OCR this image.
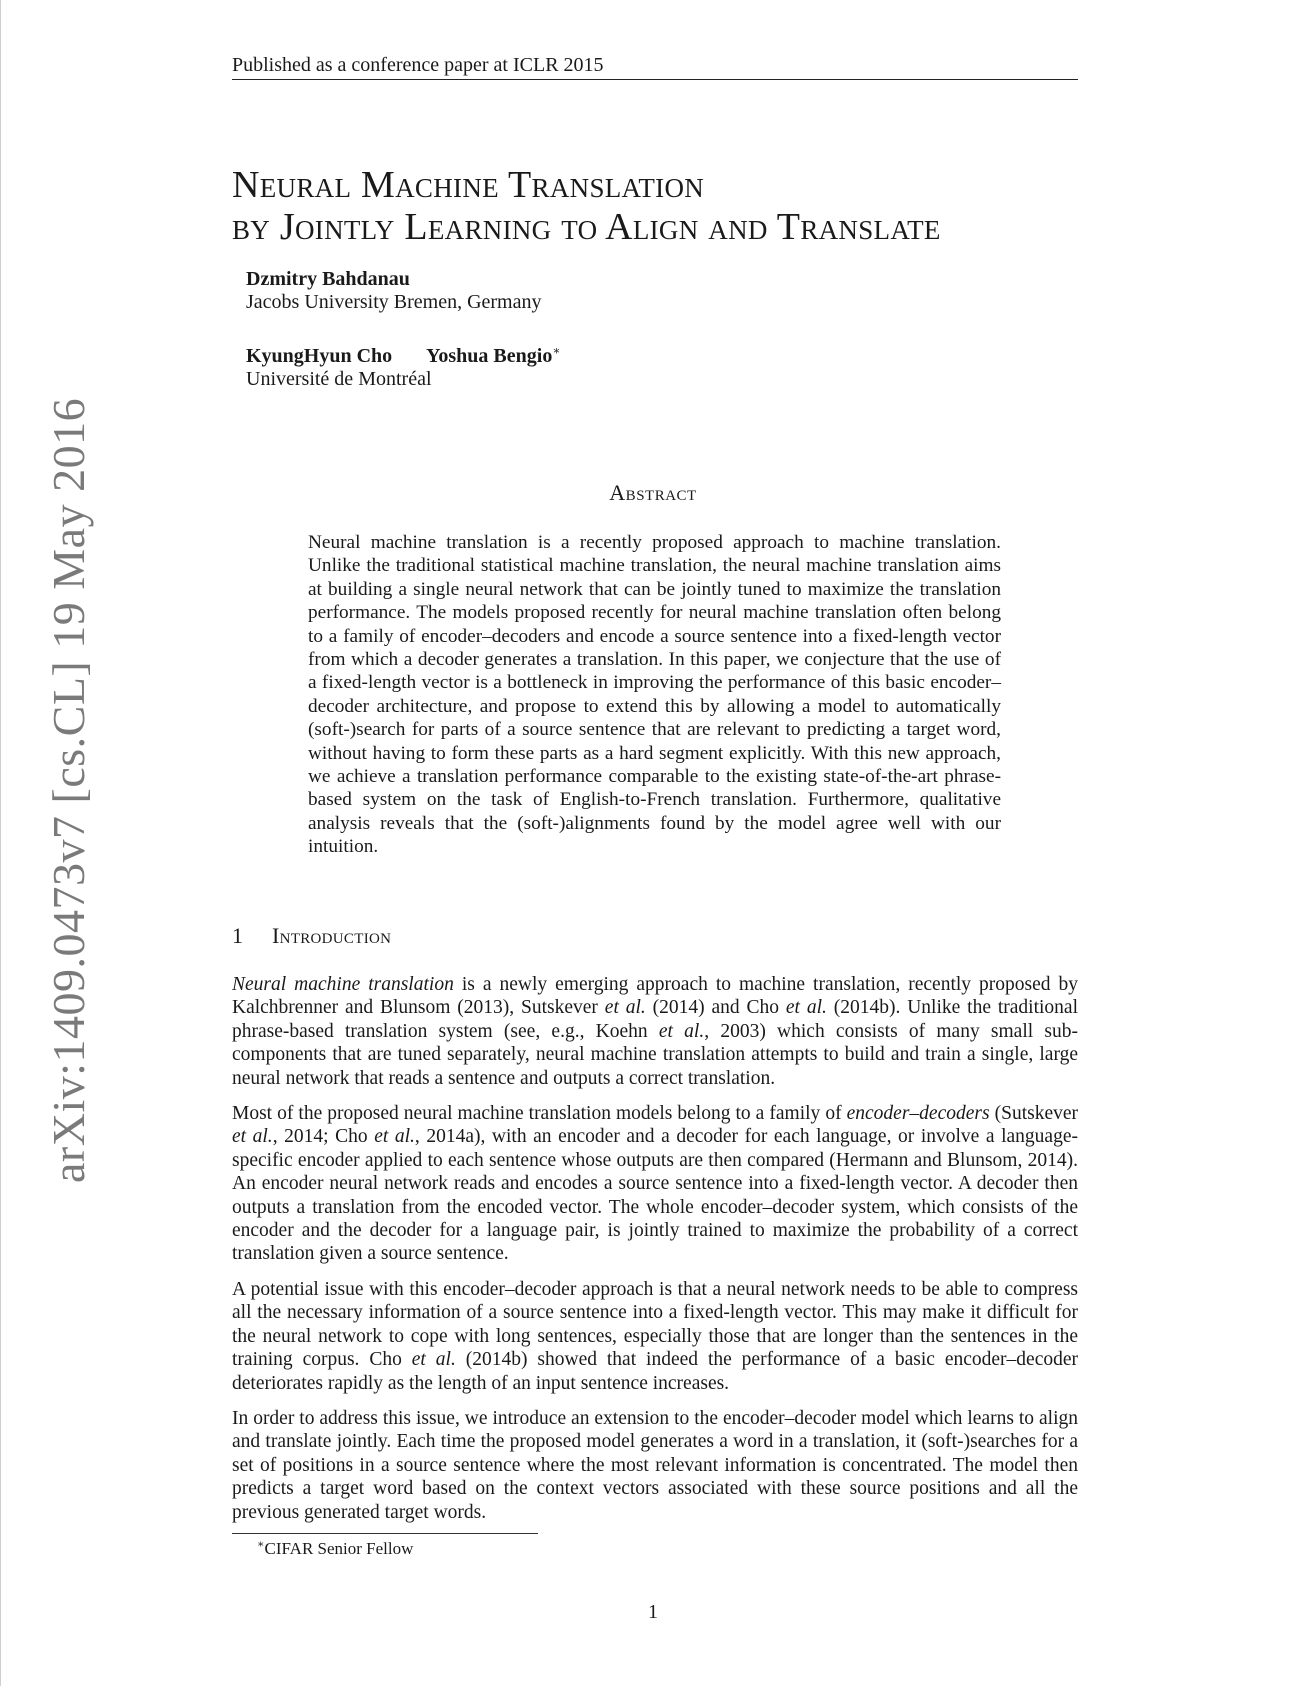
Published as a conference paper at ICLR 2015
Neural Machine Translation
by Jointly Learning to Align and Translate
Dzmitry Bahdanau
Jacobs University Bremen, Germany
KyungHyun Cho Yoshua Bengio∗
Université de Montréal
Abstract
Neural machine translation is a recently proposed approach to machine translation. Unlike the traditional statistical machine translation, the neural machine translation aims at building a single neural network that can be jointly tuned to maximize the translation performance. The models proposed recently for neural machine translation often belong to a family of encoder–decoders and encode a source sentence into a fixed-length vector from which a decoder generates a translation. In this paper, we conjecture that the use of a fixed-length vector is a bottleneck in improving the performance of this basic encoder–decoder architecture, and propose to extend this by allowing a model to automatically (soft-)search for parts of a source sentence that are relevant to predicting a target word, without having to form these parts as a hard segment explicitly. With this new approach, we achieve a translation performance comparable to the existing state-of-the-art phrase-based system on the task of English-to-French translation. Furthermore, qualitative analysis reveals that the (soft-)alignments found by the model agree well with our intuition.
1 Introduction

Neural machine translation is a newly emerging approach to machine translation, recently proposed by Kalchbrenner and Blunsom (2013), Sutskever et al. (2014) and Cho et al. (2014b). Unlike the traditional phrase-based translation system (see, e.g., Koehn et al., 2003) which consists of many small sub-components that are tuned separately, neural machine translation attempts to build and train a single, large neural network that reads a sentence and outputs a correct translation.

Most of the proposed neural machine translation models belong to a family of encoder–decoders (Sutskever et al., 2014; Cho et al., 2014a), with an encoder and a decoder for each language, or involve a language-specific encoder applied to each sentence whose outputs are then compared (Hermann and Blunsom, 2014). An encoder neural network reads and encodes a source sentence into a fixed-length vector. A decoder then outputs a translation from the encoded vector. The whole encoder–decoder system, which consists of the encoder and the decoder for a language pair, is jointly trained to maximize the probability of a correct translation given a source sentence.

A potential issue with this encoder–decoder approach is that a neural network needs to be able to compress all the necessary information of a source sentence into a fixed-length vector. This may make it difficult for the neural network to cope with long sentences, especially those that are longer than the sentences in the training corpus. Cho et al. (2014b) showed that indeed the performance of a basic encoder–decoder deteriorates rapidly as the length of an input sentence increases.

In order to address this issue, we introduce an extension to the encoder–decoder model which learns to align and translate jointly. Each time the proposed model generates a word in a translation, it (soft-)searches for a set of positions in a source sentence where the most relevant information is concentrated. The model then predicts a target word based on the context vectors associated with these source positions and all the previous generated target words.

∗CIFAR Senior Fellow
1
arXiv:1409.0473v7 [cs.CL] 19 May 2016
